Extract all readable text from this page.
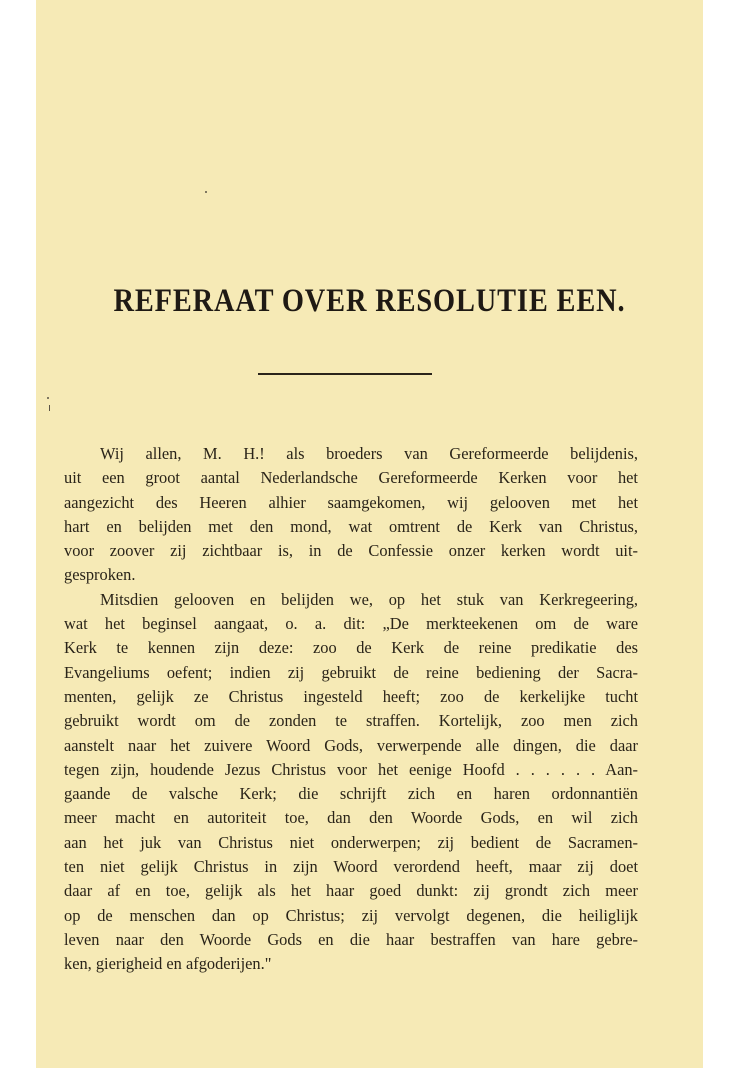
REFERAAT OVER RESOLUTIE EEN.
Wij allen, M. H.! als broeders van Gereformeerde belijdenis,
uit een groot aantal Nederlandsche Gereformeerde Kerken voor het
aangezicht des Heeren alhier saamgekomen, wij gelooven met het
hart en belijden met den mond, wat omtrent de Kerk van Christus,
voor zoover zij zichtbaar is, in de Confessie onzer kerken wordt uit-
gesproken.
Mitsdien gelooven en belijden we, op het stuk van Kerkregeering,
wat het beginsel aangaat, o. a. dit: „De merkteekenen om de ware
Kerk te kennen zijn deze: zoo de Kerk de reine predikatie des
Evangeliums oefent; indien zij gebruikt de reine bediening der Sacra-
menten, gelijk ze Christus ingesteld heeft; zoo de kerkelijke tucht
gebruikt wordt om de zonden te straffen. Kortelijk, zoo men zich
aanstelt naar het zuivere Woord Gods, verwerpende alle dingen, die daar
tegen zijn, houdende Jezus Christus voor het eenige Hoofd . . . . . . Aan-
gaande de valsche Kerk; die schrijft zich en haren ordonnantiën
meer macht en autoriteit toe, dan den Woorde Gods, en wil zich
aan het juk van Christus niet onderwerpen; zij bedient de Sacramen-
ten niet gelijk Christus in zijn Woord verordend heeft, maar zij doet
daar af en toe, gelijk als het haar goed dunkt: zij grondt zich meer
op de menschen dan op Christus; zij vervolgt degenen, die heiliglijk
leven naar den Woorde Gods en die haar bestraffen van hare gebre-
ken, gierigheid en afgoderijen."
